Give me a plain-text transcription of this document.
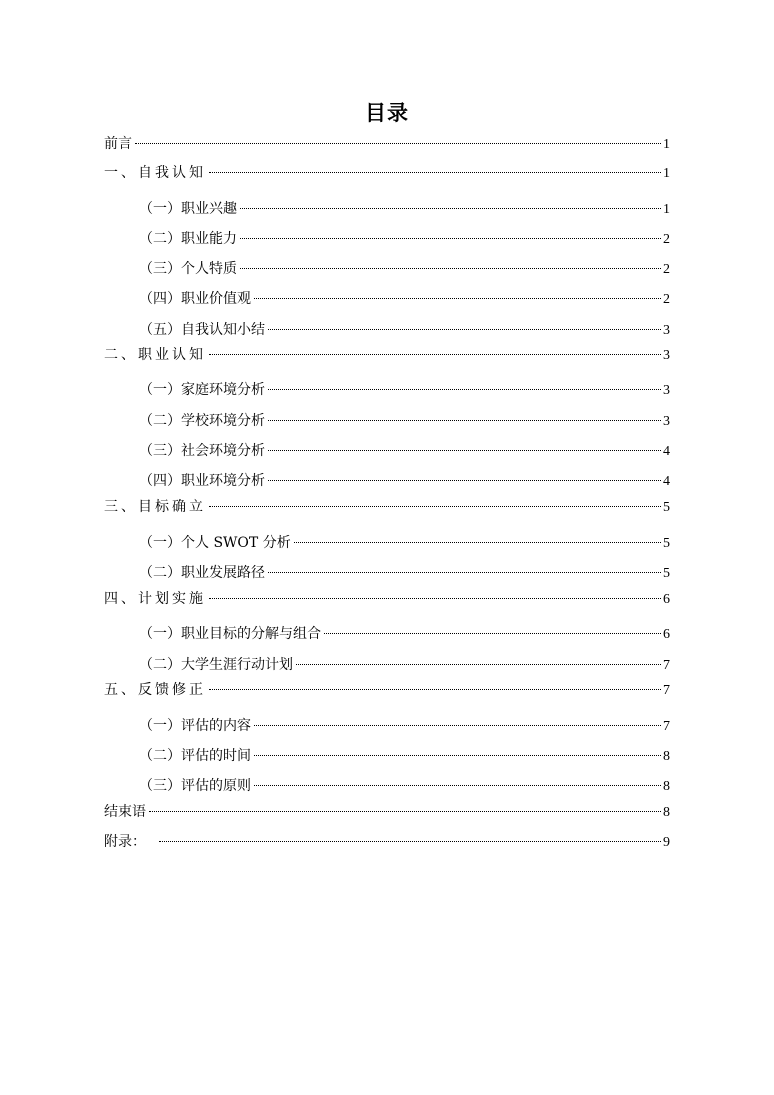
目录
前言	1
一、自我认知	1
（一）职业兴趣	1
（二）职业能力	2
（三）个人特质	2
（四）职业价值观	2
（五）自我认知小结	3
二、职业认知	3
（一）家庭环境分析	3
（二）学校环境分析	3
（三）社会环境分析	4
（四）职业环境分析	4
三、目标确立	5
（一）个人 SWOT 分析	5
（二）职业发展路径	5
四、计划实施	6
（一）职业目标的分解与组合	6
（二）大学生涯行动计划	7
五、反馈修正	7
（一）评估的内容	7
（二）评估的时间	8
（三）评估的原则	8
结束语	8
附录：	9
